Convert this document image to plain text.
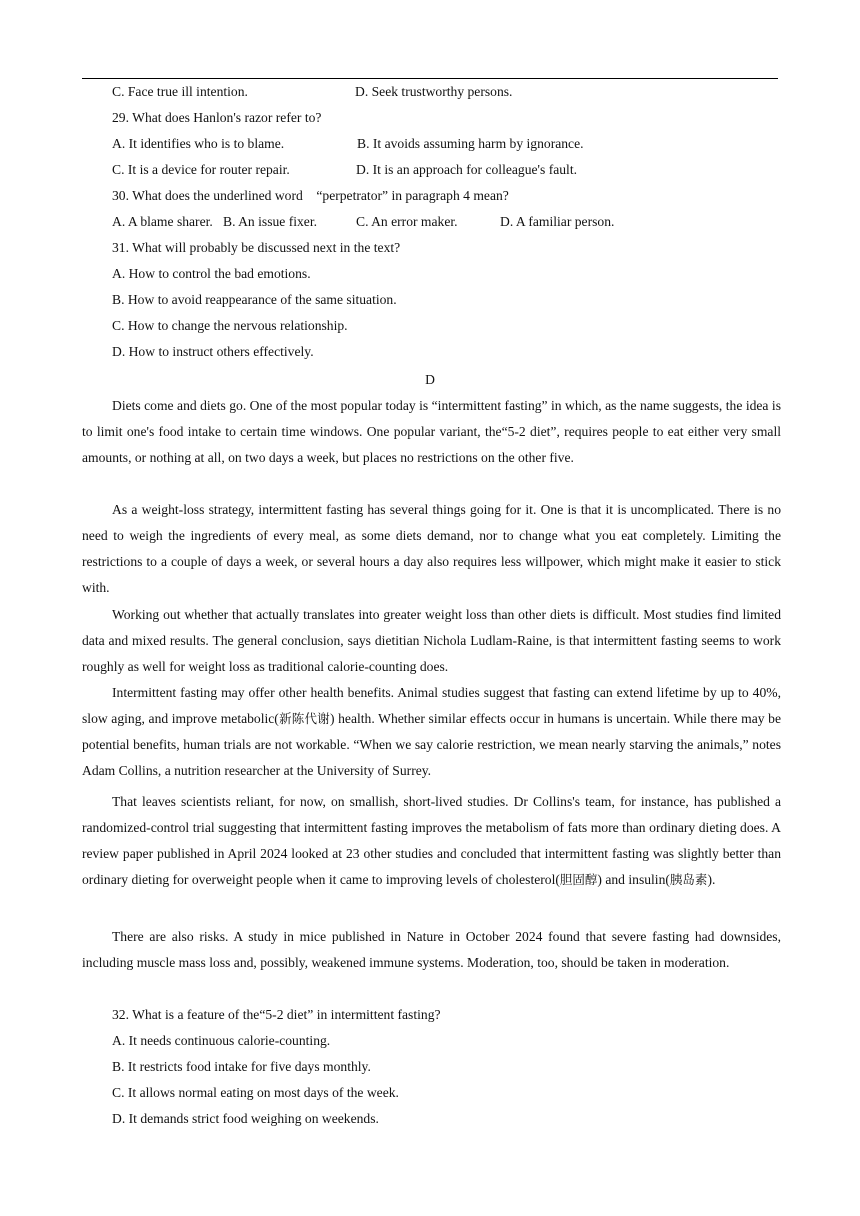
C. Face true ill intention.	D. Seek trustworthy persons.
29. What does Hanlon's razor refer to?
A. It identifies who is to blame.	B. It avoids assuming harm by ignorance.
C. It is a device for router repair.	D. It is an approach for colleague's fault.
30. What does the underlined word    “perpetrator” in paragraph 4 mean?
A. A blame sharer. B. An issue fixer.	C. An error maker.	D. A familiar person.
31. What will probably be discussed next in the text?
A. How to control the bad emotions.
B. How to avoid reappearance of the same situation.
C. How to change the nervous relationship.
D. How to instruct others effectively.
D

Diets come and diets go. One of the most popular today is “intermittent fasting” in which, as the name suggests, the idea is to limit one's food intake to certain time windows. One popular variant, the“5-2 diet”, requires people to eat either very small amounts, or nothing at all, on two days a week, but places no restrictions on the other five.

As a weight-loss strategy, intermittent fasting has several things going for it. One is that it is uncomplicated. There is no need to weigh the ingredients of every meal, as some diets demand, nor to change what you eat completely. Limiting the restrictions to a couple of days a week, or several hours a day also requires less willpower, which might make it easier to stick with.

Working out whether that actually translates into greater weight loss than other diets is difficult. Most studies find limited data and mixed results. The general conclusion, says dietitian Nichola Ludlam-Raine, is that intermittent fasting seems to work roughly as well for weight loss as traditional calorie-counting does.

Intermittent fasting may offer other health benefits. Animal studies suggest that fasting can extend lifetime by up to 40%, slow aging, and improve metabolic(新陈代谢) health. Whether similar effects occur in humans is uncertain. While there may be potential benefits, human trials are not workable. “When we say calorie restriction, we mean nearly starving the animals,” notes Adam Collins, a nutrition researcher at the University of Surrey.

That leaves scientists reliant, for now, on smallish, short-lived studies. Dr Collins's team, for instance, has published a randomized-control trial suggesting that intermittent fasting improves the metabolism of fats more than ordinary dieting does. A review paper published in April 2024 looked at 23 other studies and concluded that intermittent fasting was slightly better than ordinary dieting for overweight people when it came to improving levels of cholesterol(胆固醇) and insulin(胰岛素).

There are also risks. A study in mice published in Nature in October 2024 found that severe fasting had downsides, including muscle mass loss and, possibly, weakened immune systems. Moderation, too, should be taken in moderation.

32. What is a feature of the“5-2 diet” in intermittent fasting?
A. It needs continuous calorie-counting.
B. It restricts food intake for five days monthly.
C. It allows normal eating on most days of the week.
D. It demands strict food weighing on weekends.
